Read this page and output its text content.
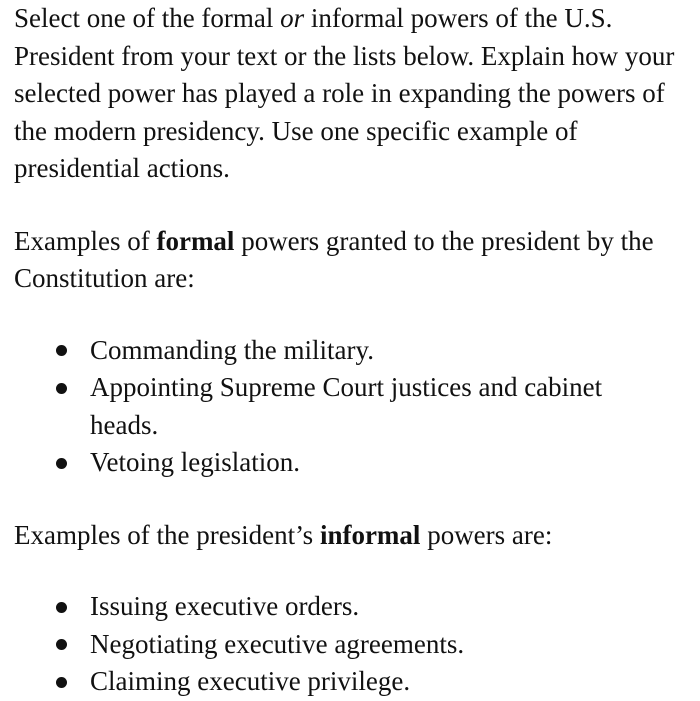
Select one of the formal or informal powers of the U.S. President from your text or the lists below. Explain how your selected power has played a role in expanding the powers of the modern presidency. Use one specific example of presidential actions.

Examples of formal powers granted to the president by the Constitution are:

Commanding the military.
Appointing Supreme Court justices and cabinet heads.
Vetoing legislation.

Examples of the president’s informal powers are:

Issuing executive orders.
Negotiating executive agreements.
Claiming executive privilege.
